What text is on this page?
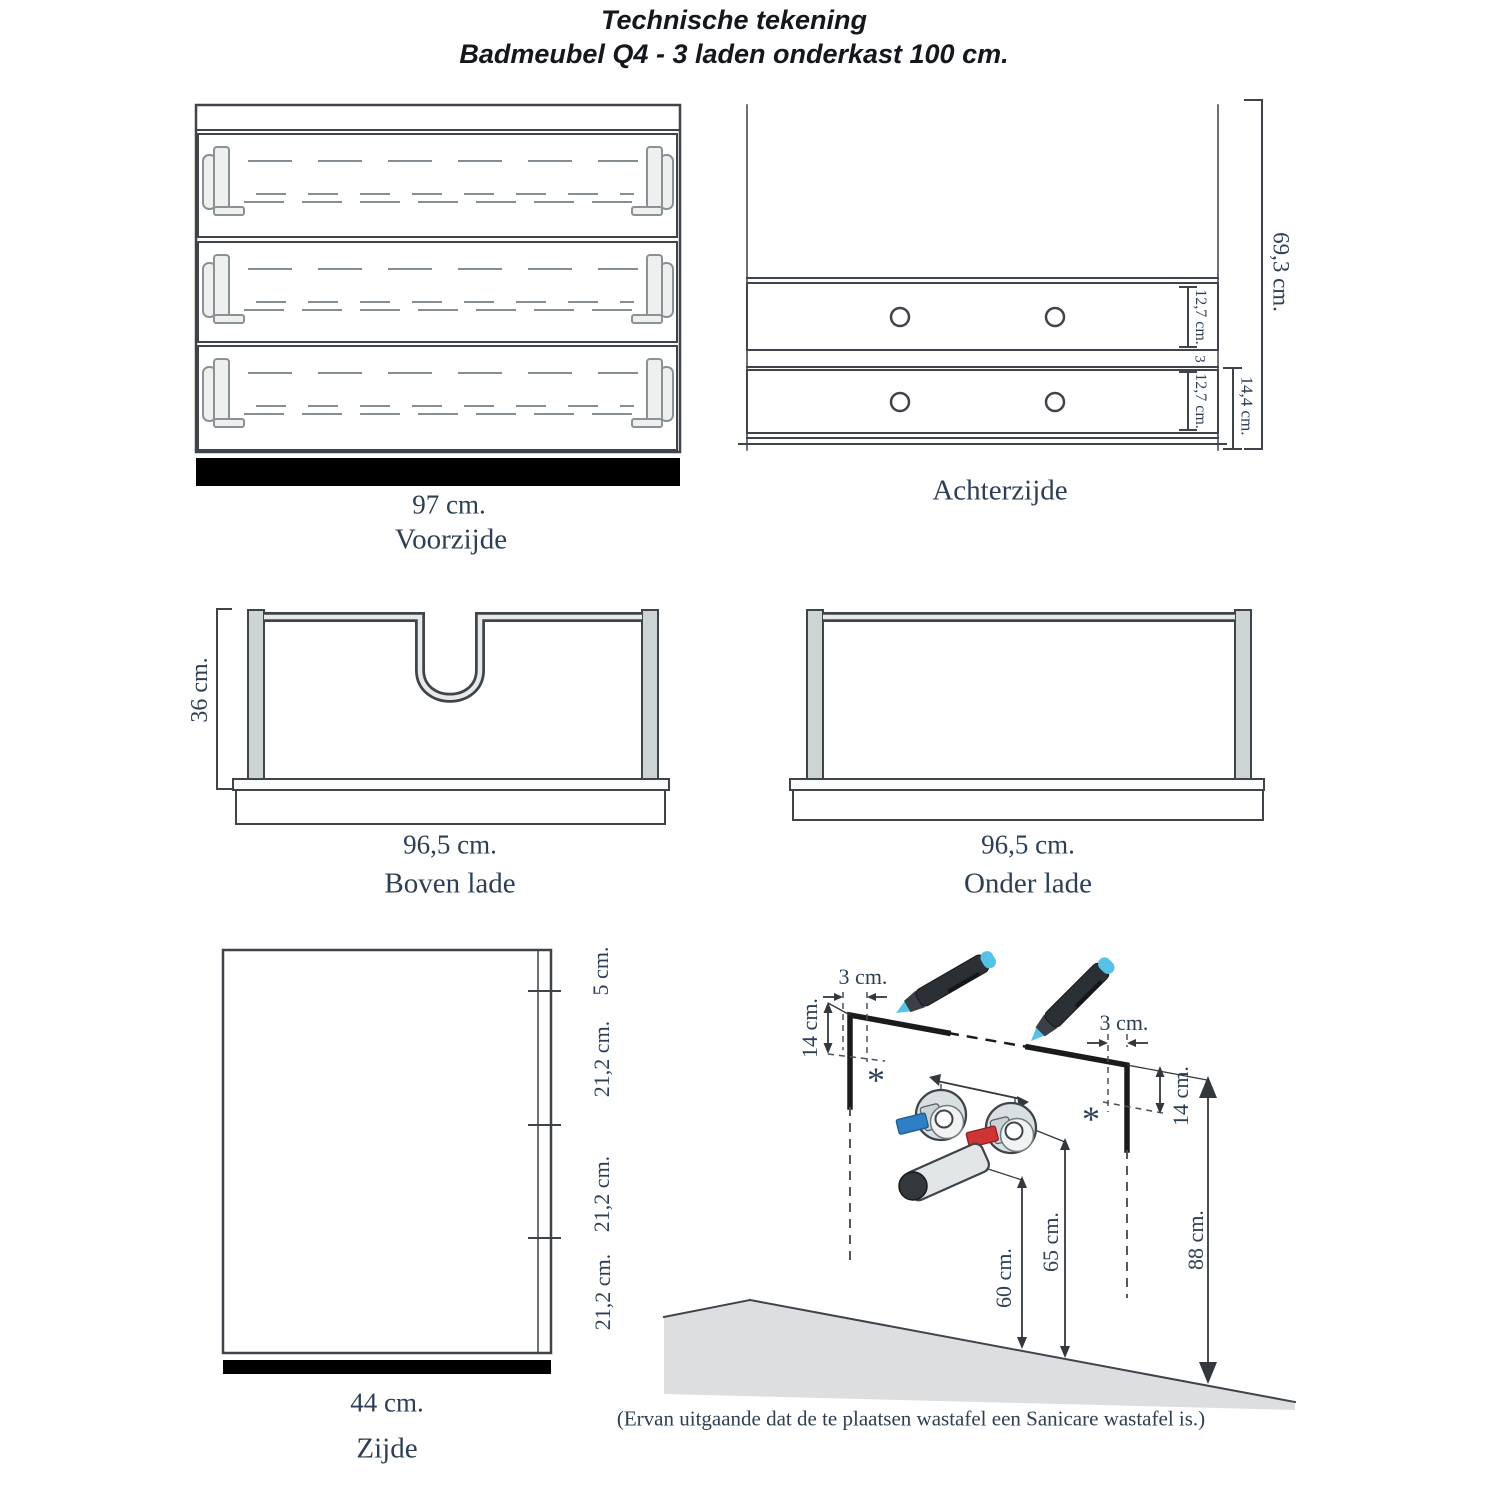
Technische tekening
Badmeubel Q4 - 3 laden onderkast 100 cm.
97 cm.
Voorzijde
Achterzijde
69,3 cm.
14,4 cm.
12,7 cm.
3
12,7 cm.
36 cm.
96,5 cm.
Boven lade
96,5 cm.
Onder lade
5 cm.
21,2 cm.
21,2 cm.
21,2 cm.
44 cm.
Zijde
3 cm.
14 cm.	3 cm.
14 cm.
60 cm.
65 cm.	88 cm.
*
*
(Ervan uitgaande dat de te plaatsen wastafel een Sanicare wastafel is.)
